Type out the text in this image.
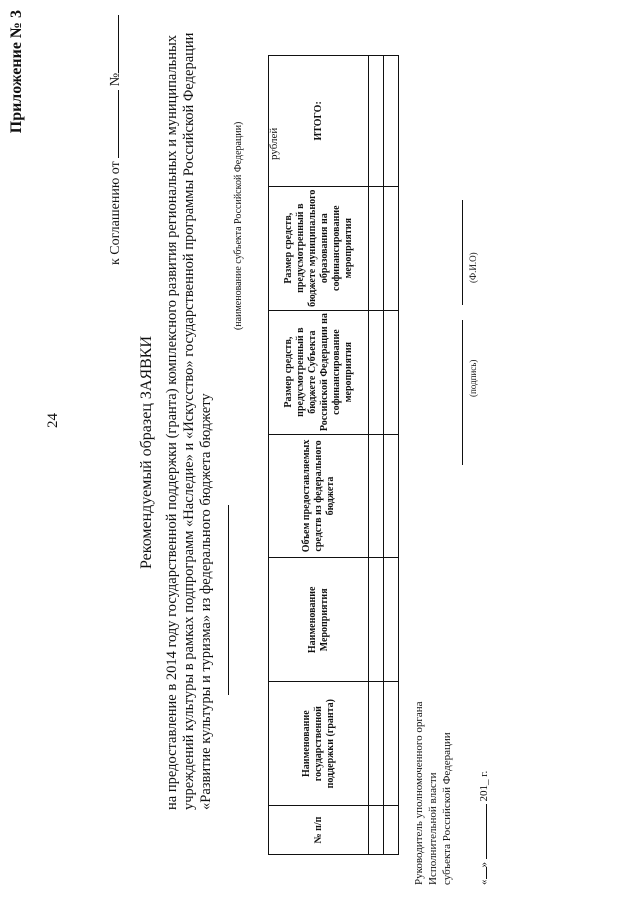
24
Приложение № 3
к Соглашению от  №
Рекомендуемый образец ЗАЯВКИ на предоставление в 2014 году государственной поддержки (гранта) комплексного развития региональных и муниципальных учреждений культуры в рамках подпрограмм «Наследие» и «Искусство» государственной программы Российской Федерации «Развитие культуры и туризма» из федерального бюджета бюджету
(наименование субъекта Российской Федерации) рублей
№ п/п	Наименование государственной поддержки (гранта)	Наименование Мероприятия	Объем предоставляемых средств из федерального бюджета	Размер средств, предусмотренный в бюджете Субъекта Российской Федерации на софинансирование мероприятия	Размер средств, предусмотренный в бюджете муниципального образования на софинансирование мероприятия	ИТОГО:

Руководитель уполномоченного органа Исполнительной власти субъекта Российской Федерации
(подпись)
(Ф.И.О)
«»  201_ г.
